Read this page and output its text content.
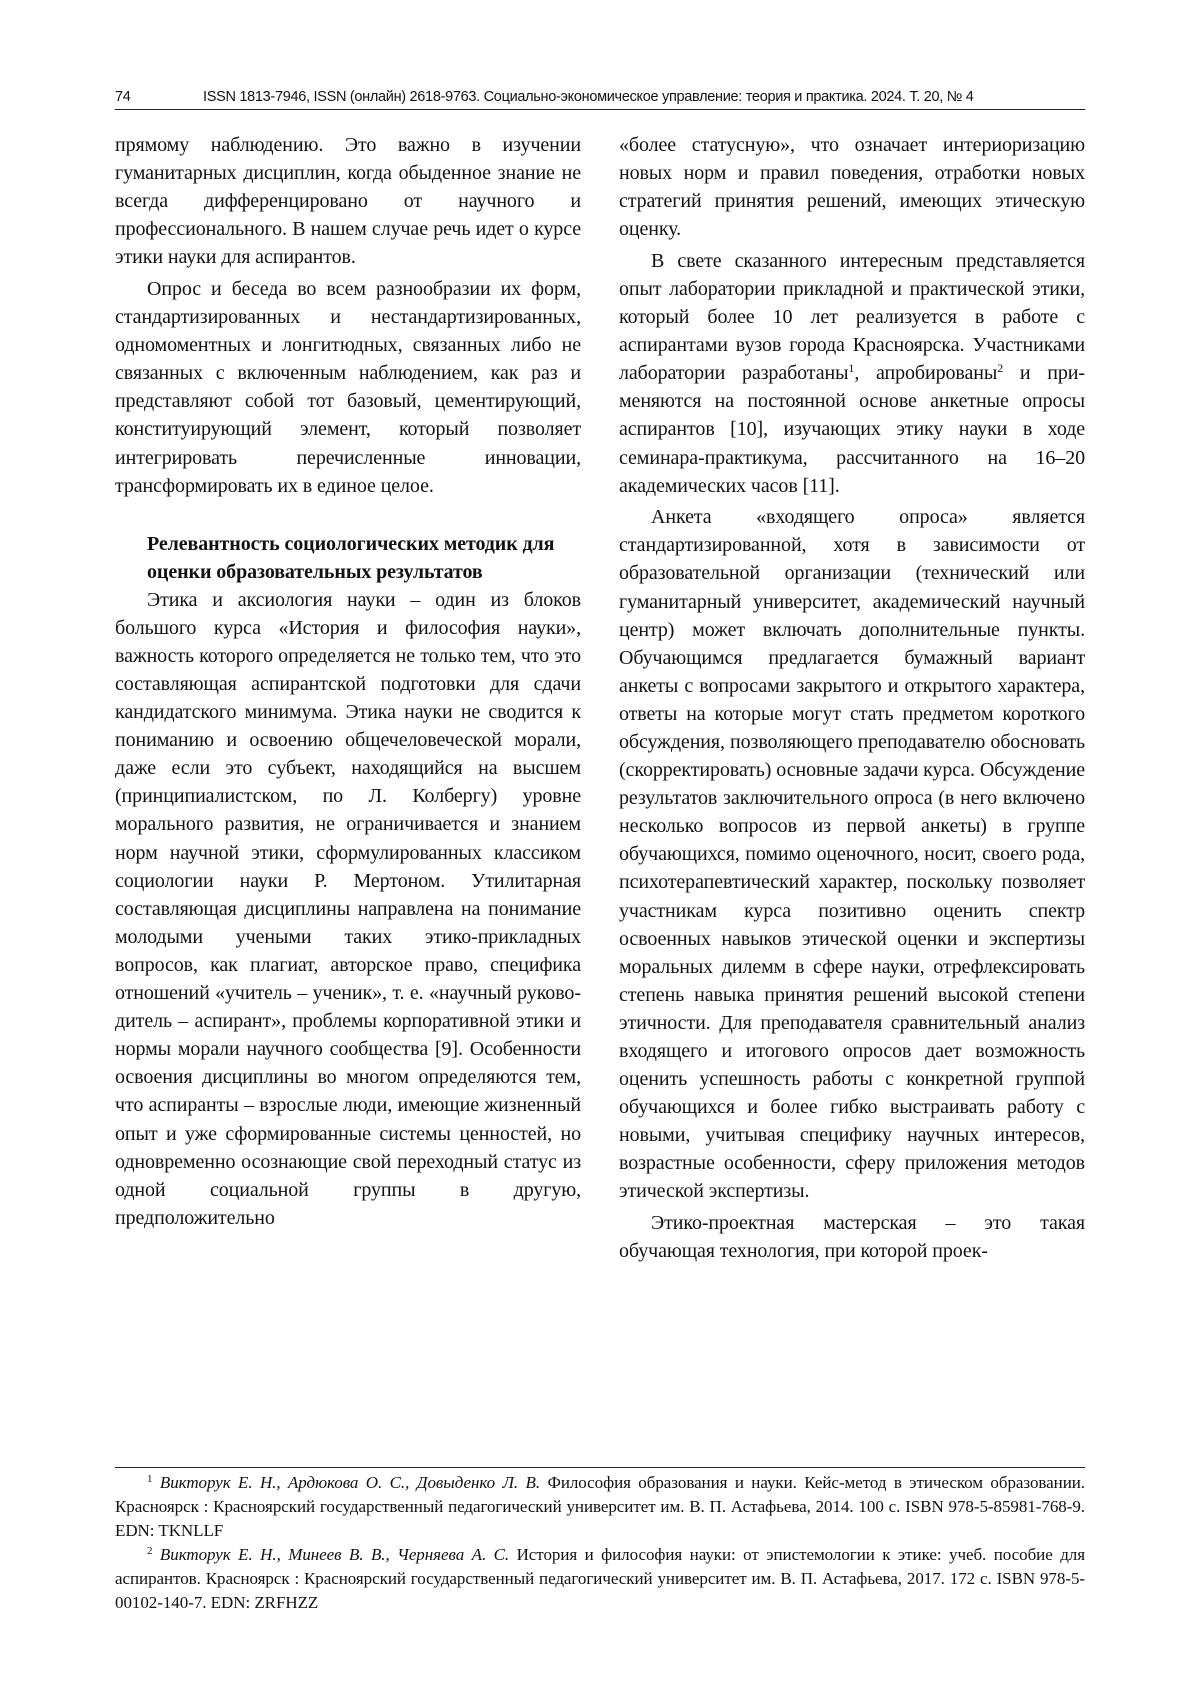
74	ISSN 1813-7946, ISSN (онлайн) 2618-9763. Социально-экономическое управление: теория и практика. 2024. Т. 20, № 4

прямому наблюдению. Это важно в изучении гуманитарных дисциплин, когда обыденное знание не всегда дифференцировано от научного и профессионального. В нашем случае речь идет о курсе этики науки для аспирантов.

Опрос и беседа во всем разнообразии их форм, стандартизированных и нестандартизированных, одномоментных и лонгитюдных, связанных либо не связанных с включенным наблюдением, как раз и представляют собой тот базовый, цементирующий, конституирующий элемент, который позволяет интегрировать перечисленные инновации, трансформировать их в единое целое.

Релевантность социологических методик для оценки образовательных результатов

Этика и аксиология науки – один из блоков большого курса «История и философия науки», важность которого определяется не только тем, что это составляющая аспирантской подготовки для сдачи кандидатского минимума. Этика науки не сводится к пониманию и освоению общечеловеческой морали, даже если это субъект, находящийся на высшем (принципиалистском, по Л. Колбергу) уровне морального развития, не ограничивается и знанием норм научной этики, сформулированных классиком социологии науки Р. Мертоном. Утилитарная составляющая дисциплины направлена на понимание молодыми учеными таких этико-прикладных вопросов, как плагиат, авторское право, специфика отношений «учитель – ученик», т. е. «научный руководитель – аспирант», проблемы корпоративной этики и нормы морали научного сообщества [9]. Особенности освоения дисциплины во многом определяются тем, что аспиранты – взрослые люди, имеющие жизненный опыт и уже сформированные системы ценностей, но одновременно осознающие свой переходный статус из одной социальной группы в другую, предположительно

«более статусную», что означает интериоризацию новых норм и правил поведения, отработки новых стратегий принятия решений, имеющих этическую оценку.

В свете сказанного интересным представляется опыт лаборатории прикладной и практической этики, который более 10 лет реализуется в работе с аспирантами вузов города Красноярска. Участниками лаборатории разработаны$^1$, апробированы$^2$ и применяются на постоянной основе анкетные опросы аспирантов [10], изучающих этику науки в ходе семинара-практикума, рассчитанного на 16–20 академических часов [11].

Анкета «входящего опроса» является стандартизированной, хотя в зависимости от образовательной организации (технический или гуманитарный университет, академический научный центр) может включать дополнительные пункты. Обучающимся предлагается бумажный вариант анкеты с вопросами закрытого и открытого характера, ответы на которые могут стать предметом короткого обсуждения, позволяющего преподавателю обосновать (скорректировать) основные задачи курса. Обсуждение результатов заключительного опроса (в него включено несколько вопросов из первой анкеты) в группе обучающихся, помимо оценочного, носит, своего рода, психотерапевтический характер, поскольку позволяет участникам курса позитивно оценить спектр освоенных навыков этической оценки и экспертизы моральных дилемм в сфере науки, отрефлексировать степень навыка принятия решений высокой степени этичности. Для преподавателя сравнительный анализ входящего и итогового опросов дает возможность оценить успешность работы с конкретной группой обучающихся и более гибко выстраивать работу с новыми, учитывая специфику научных интересов, возрастные особенности, сферу приложения методов этической экспертизы.

Этико-проектная мастерская – это такая обучающая технология, при которой проек-

$^1$ Викторук Е. Н., Ардюкова О. С., Довыденко Л. В. Философия образования и науки. Кейс-метод в этическом образовании. Красноярск : Красноярский государственный педагогический университет им. В. П. Астафьева, 2014. 100 с. ISBN 978-5-85981-768-9. EDN: TKNLLF

$^2$ Викторук Е. Н., Минеев В. В., Черняева А. С. История и философия науки: от эпистемологии к этике: учеб. пособие для аспирантов. Красноярск : Красноярский государственный педагогический университет им. В. П. Астафьева, 2017. 172 с. ISBN 978-5-00102-140-7. EDN: ZRFHZZ
